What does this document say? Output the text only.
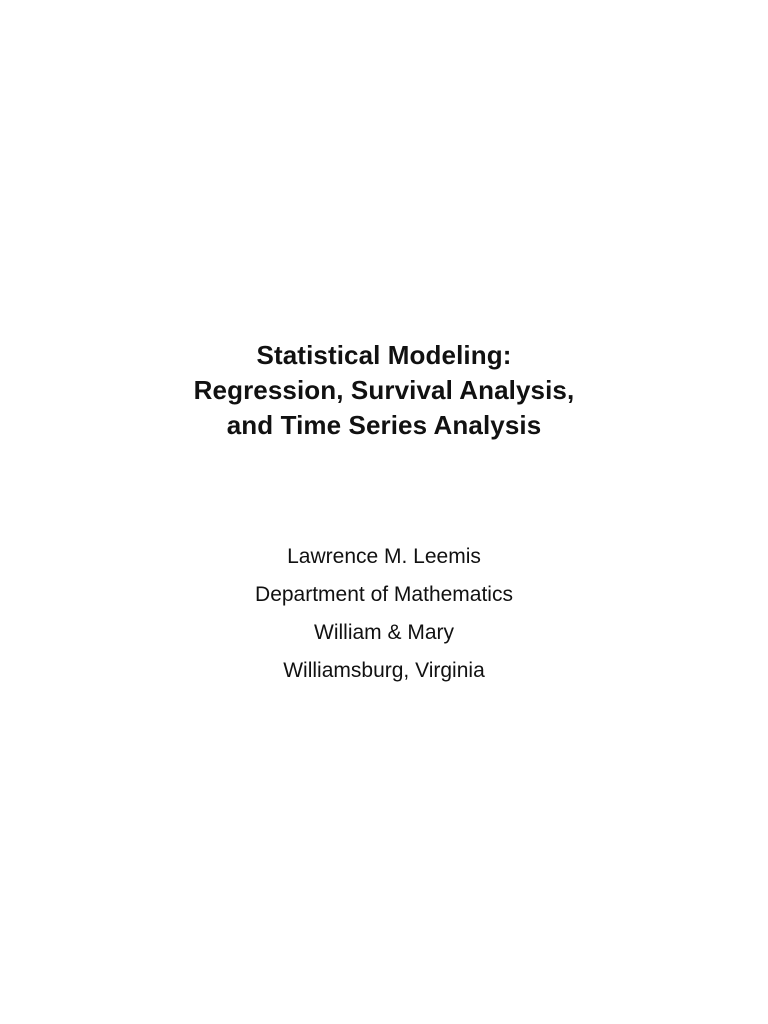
Statistical Modeling:

Regression, Survival Analysis,

and Time Series Analysis

Lawrence M. Leemis

Department of Mathematics

William & Mary

Williamsburg, Virginia
